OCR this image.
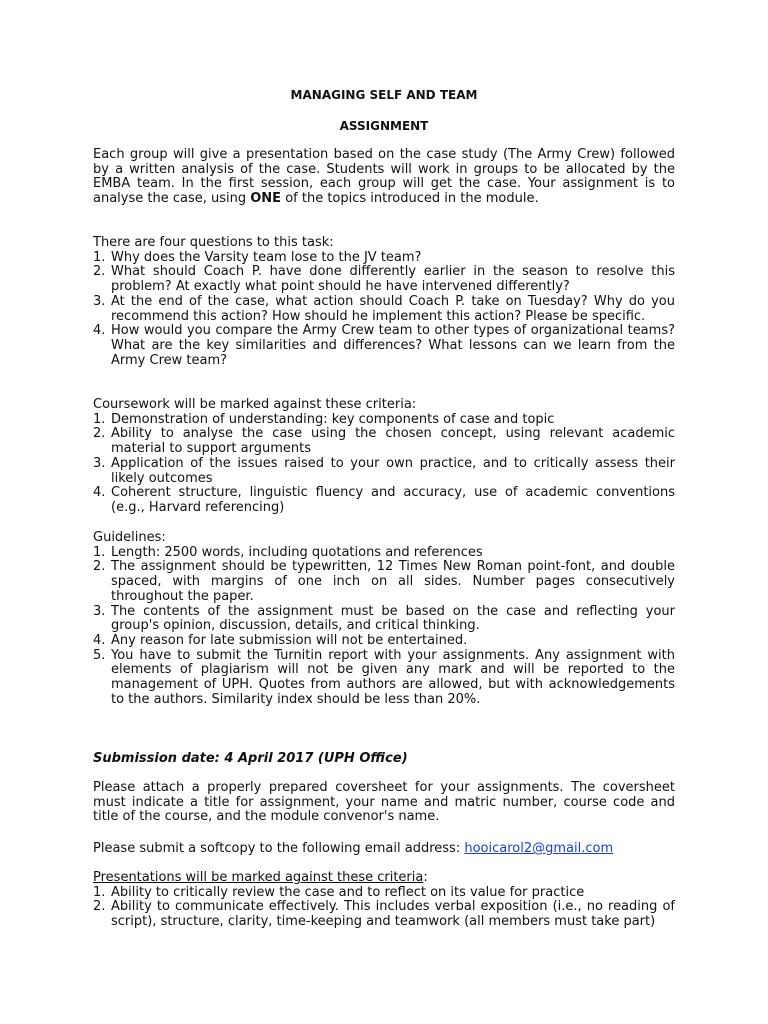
MANAGING SELF AND TEAM
ASSIGNMENT
Each group will give a presentation based on the case study (The Army Crew) followed by a written analysis of the case. Students will work in groups to be allocated by the EMBA team. In the first session, each group will get the case. Your assignment is to analyse the case, using ONE of the topics introduced in the module.

There are four questions to this task:

1. Why does the Varsity team lose to the JV team?
2. What should Coach P. have done differently earlier in the season to resolve this problem? At exactly what point should he have intervened differently?
3. At the end of the case, what action should Coach P. take on Tuesday? Why do you recommend this action? How should he implement this action? Please be specific.
4. How would you compare the Army Crew team to other types of organizational teams? What are the key similarities and differences? What lessons can we learn from the Army Crew team?

Coursework will be marked against these criteria:

1. Demonstration of understanding: key components of case and topic
2. Ability to analyse the case using the chosen concept, using relevant academic material to support arguments
3. Application of the issues raised to your own practice, and to critically assess their likely outcomes
4. Coherent structure, linguistic fluency and accuracy, use of academic conventions (e.g., Harvard referencing)

Guidelines:

1. Length: 2500 words, including quotations and references
2. The assignment should be typewritten, 12 Times New Roman point-font, and double spaced, with margins of one inch on all sides. Number pages consecutively throughout the paper.
3. The contents of the assignment must be based on the case and reflecting your group's opinion, discussion, details, and critical thinking.
4. Any reason for late submission will not be entertained.
5. You have to submit the Turnitin report with your assignments. Any assignment with elements of plagiarism will not be given any mark and will be reported to the management of UPH. Quotes from authors are allowed, but with acknowledgements to the authors. Similarity index should be less than 20%.
Submission date: 4 April 2017 (UPH Office)
Please attach a properly prepared coversheet for your assignments. The coversheet must indicate a title for assignment, your name and matric number, course code and title of the course, and the module convenor's name.
Please submit a softcopy to the following email address: hooicarol2@gmail.com

Presentations will be marked against these criteria:

1. Ability to critically review the case and to reflect on its value for practice
2. Ability to communicate effectively. This includes verbal exposition (i.e., no reading of script), structure, clarity, time-keeping and teamwork (all members must take part)
